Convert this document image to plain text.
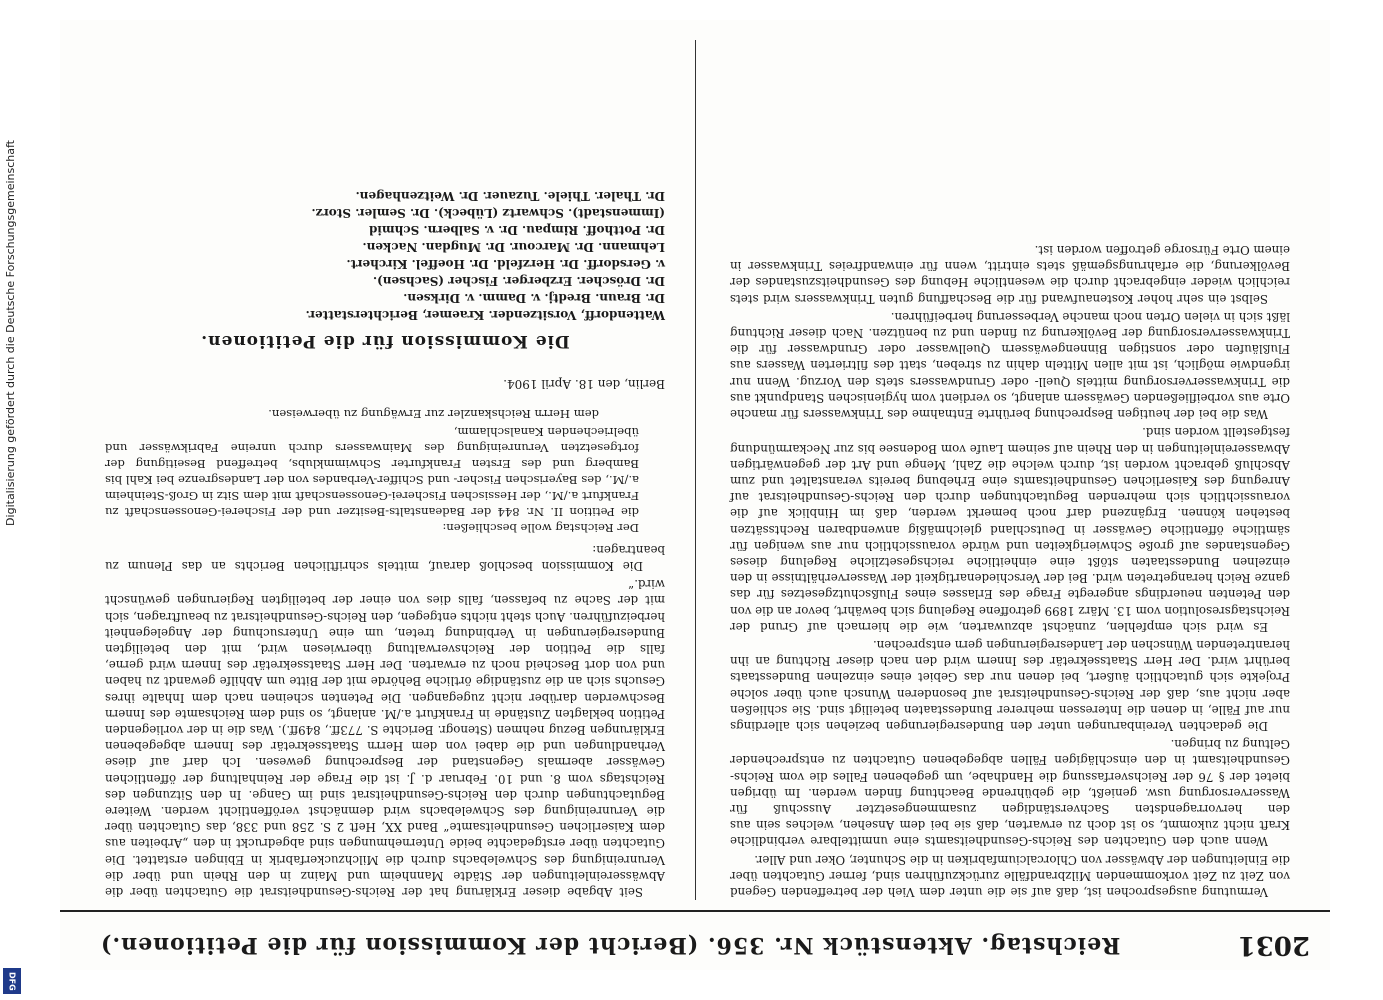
2031
Reichstag. Aktenstück Nr. 356. (Bericht der Kommission für die Petitionen.)

Vermutung ausgesprochen ist, daß auf sie die unter dem Vieh der betreffenden Gegend von Zeit zu Zeit vorkommenden Milzbrandfälle zurückzuführen sind, ferner Gutachten über die Einleitungen der Abwässer von Chlorcalciumfabriken in die Schunter, Oker und Aller.

Wenn auch den Gutachten des Reichs-Gesundheitsamts eine unmittelbare verbindliche Kraft nicht zukommt, so ist doch zu erwarten, daß sie bei dem Ansehen, welches sein aus den hervorragendsten Sachverständigen zusammengesetzter Ausschuß für Wasserversorgung usw. genießt, die gebührende Beachtung finden werden. Im übrigen bietet der § 76 der Reichsverfassung die Handhabe, um gegebenen Falles die vom Reichs-Gesundheitsamt in den einschlägigen Fällen abgegebenen Gutachten zu entsprechender Geltung zu bringen.

Die gedachten Vereinbarungen unter den Bundesregierungen beziehen sich allerdings nur auf Fälle, in denen die Interessen mehrerer Bundesstaaten beteiligt sind. Sie schließen aber nicht aus, daß der Reichs-Gesundheitsrat auf besonderen Wunsch auch über solche Projekte sich gutachtlich äußert, bei denen nur das Gebiet eines einzelnen Bundesstaats berührt wird. Der Herr Staatssekretär des Innern wird den nach dieser Richtung an ihn herantretenden Wünschen der Landesregierungen gern entsprechen.

Es wird sich empfehlen, zunächst abzuwarten, wie die hiernach auf Grund der Reichstagsresolution vom 13. März 1899 getroffene Regelung sich bewährt, bevor an die von den Petenten neuerdings angeregte Frage des Erlasses eines Flußschutzgesetzes für das ganze Reich herangetreten wird. Bei der Verschiedenartigkeit der Wasserverhältnisse in den einzelnen Bundesstaaten stößt eine einheitliche reichsgesetzliche Regelung dieses Gegenstandes auf große Schwierigkeiten und würde voraussichtlich nur aus wenigen für sämtliche öffentliche Gewässer in Deutschland gleichmäßig anwendbaren Rechtssätzen bestehen können. Ergänzend darf noch bemerkt werden, daß im Hinblick auf die voraussichtlich sich mehrenden Begutachtungen durch den Reichs-Gesundheitsrat auf Anregung des Kaiserlichen Gesundheitsamts eine Erhebung bereits veranstaltet und zum Abschluß gebracht worden ist, durch welche die Zahl, Menge und Art der gegenwärtigen Abwassereinleitungen in den Rhein auf seinem Laufe vom Bodensee bis zur Neckarmündung festgestellt worden sind.

Was die bei der heutigen Besprechung berührte Entnahme des Trinkwassers für manche Orte aus vorbeifließenden Gewässern anlangt, so verdient vom hygienischen Standpunkt aus die Trinkwasserversorgung mittels Quell- oder Grundwassers stets den Vorzug. Wenn nur irgendwie möglich, ist mit allen Mitteln dahin zu streben, statt des filtrierten Wassers aus Flußläufen oder sonstigen Binnengewässern Quellwasser oder Grundwasser für die Trinkwasserversorgung der Bevölkerung zu finden und zu benützen. Nach dieser Richtung läßt sich in vielen Orten noch manche Verbesserung herbeiführen.

Selbst ein sehr hoher Kostenaufwand für die Beschaffung guten Trinkwassers wird stets reichlich wieder eingebracht durch die wesentliche Hebung des Gesundheitszustandes der Bevölkerung, die erfahrungsgemäß stets eintritt, wenn für einwandfreies Trinkwasser in einem Orte Fürsorge getroffen worden ist.

Seit Abgabe dieser Erklärung hat der Reichs-Gesundheitsrat die Gutachten über die Abwässereinleitungen der Städte Mannheim und Mainz in den Rhein und über die Verunreinigung des Schwelebachs durch die Milchzuckerfabrik in Ebingen erstattet. Die Gutachten über erstgedachte beide Unternehmungen sind abgedruckt in den „Arbeiten aus dem Kaiserlichen Gesundheitsamte“ Band XX, Heft 2 S. 258 und 338, das Gutachten über die Verunreinigung des Schwelebachs wird demnächst veröffentlicht werden. Weitere Begutachtungen durch den Reichs-Gesundheitsrat sind im Gange. In den Sitzungen des Reichstags vom 8. und 10. Februar d. J. ist die Frage der Reinhaltung der öffentlichen Gewässer abermals Gegenstand der Besprechung gewesen. Ich darf auf diese Verhandlungen und die dabei von dem Herrn Staatssekretär des Innern abgegebenen Erklärungen Bezug nehmen (Stenogr. Berichte S. 773ff., 849ff.). Was die in der vorliegenden Petition beklagten Zustände in Frankfurt a./M. anlangt, so sind dem Reichsamte des Innern Beschwerden darüber nicht zugegangen. Die Petenten scheinen nach dem Inhalte ihres Gesuchs sich an die zuständige örtliche Behörde mit der Bitte um Abhilfe gewandt zu haben und von dort Bescheid noch zu erwarten. Der Herr Staatssekretär des Innern wird gerne, falls die Petition der Reichsverwaltung überwiesen wird, mit den beteiligten Bundesregierungen in Verbindung treten, um eine Untersuchung der Angelegenheit herbeizuführen. Auch steht nichts entgegen, den Reichs-Gesundheitsrat zu beauftragen, sich mit der Sache zu befassen, falls dies von einer der beteiligten Regierungen gewünscht wird.“

Die Kommission beschloß darauf, mittels schriftlichen Berichts an das Plenum zu beantragen:

Der Reichstag wolle beschließen:
die Petition II. Nr. 844 der Badeanstalts-Besitzer und der Fischerei-Genossenschaft zu Frankfurt a./M., der Hessischen Fischerei-Genossenschaft mit dem Sitz in Groß-Steinheim a./M., des Bayerischen Fischer- und Schiffer-Verbandes von der Landesgrenze bei Kahl bis Bamberg und des Ersten Frankfurter Schwimmklubs, betreffend Beseitigung der fortgesetzten Verunreinigung des Mainwassers durch unreine Fabrikwässer und übelriechenden Kanalschlamm,
dem Herrn Reichskanzler zur Erwägung zu überweisen.
Berlin, den 18. April 1904.
Die Kommission für die Petitionen.
Wattendorff, Vorsitzender. Kraemer, Berichterstatter.
Dr. Braun. Bredtj. v. Damm. v. Dirksen.
Dr. Dröscher. Erzberger. Fischer (Sachsen).
v. Gersdorff. Dr. Herzfeld. Dr. Hoeffel. Kirchert.
Lehmann. Dr. Marcour. Dr. Mugdan. Nacken.
Dr. Potthoff. Rimpau. Dr. v. Salbern. Schmid
(Immenstadt). Schwartz (Lübeck). Dr. Semler. Storz.
Dr. Thaler. Thiele. Tuzauer. Dr. Weitzenhagen.
Digitalisierung gefördert durch die Deutsche Forschungsgemeinschaft
DFG
